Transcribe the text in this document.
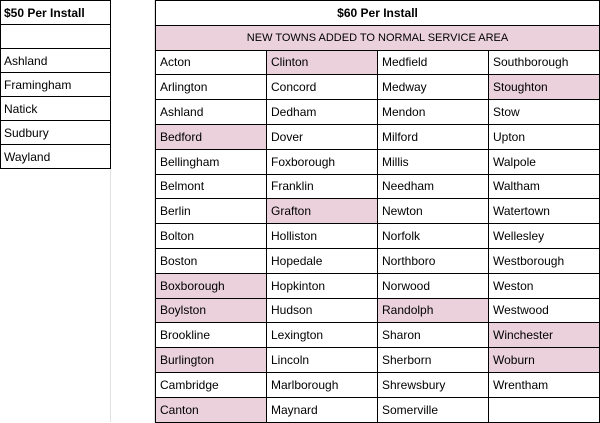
$50 Per Install

Ashland
Framingham
Natick
Sudbury
Wayland
$60 Per Install			
NEW TOWNS ADDED TO NORMAL SERVICE AREA			
Acton	Clinton	Medfield	Southborough
Arlington	Concord	Medway	Stoughton
Ashland	Dedham	Mendon	Stow
Bedford	Dover	Milford	Upton
Bellingham	Foxborough	Millis	Walpole
Belmont	Franklin	Needham	Waltham
Berlin	Grafton	Newton	Watertown
Bolton	Holliston	Norfolk	Wellesley
Boston	Hopedale	Northboro	Westborough
Boxborough	Hopkinton	Norwood	Weston
Boylston	Hudson	Randolph	Westwood
Brookline	Lexington	Sharon	Winchester
Burlington	Lincoln	Sherborn	Woburn
Cambridge	Marlborough	Shrewsbury	Wrentham
Canton	Maynard	Somerville	
